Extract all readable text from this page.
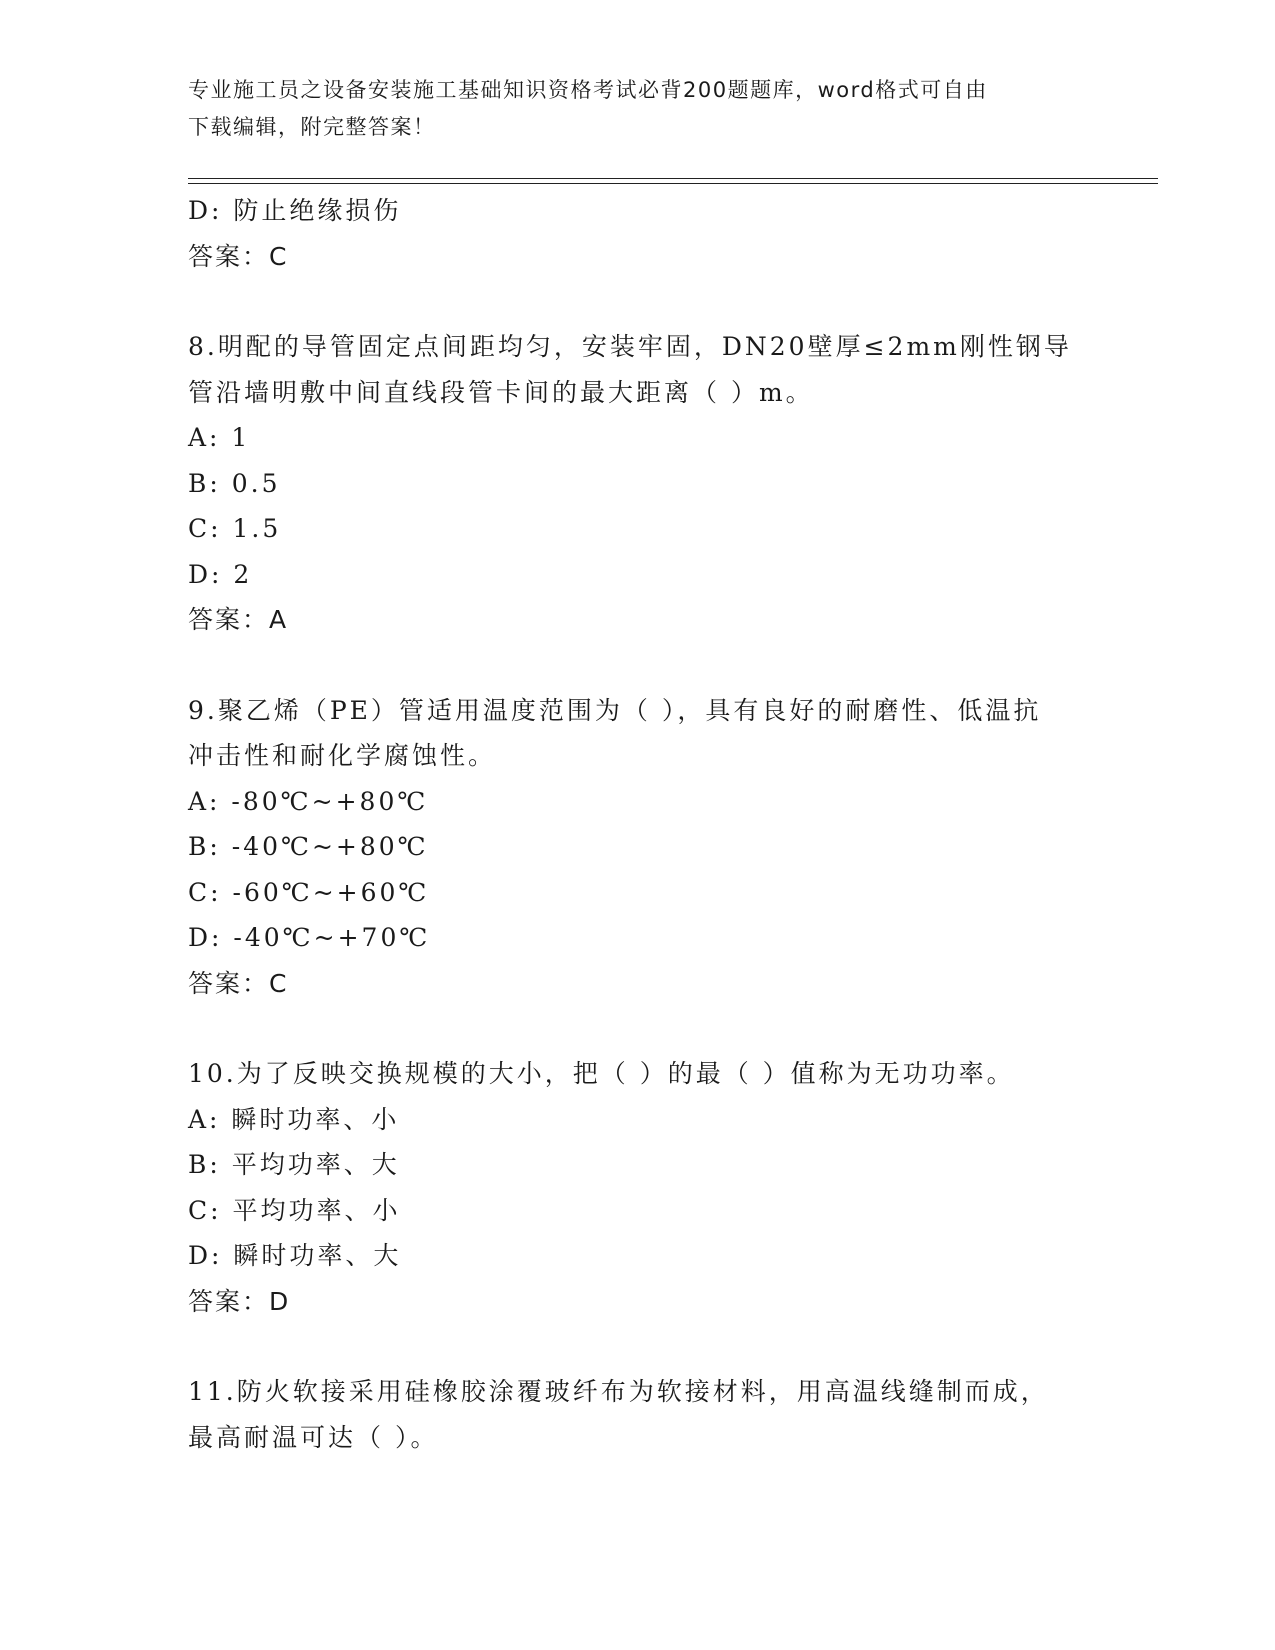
专业施工员之设备安装施工基础知识资格考试必背200题题库，word格式可自由
下载编辑，附完整答案！
D: 防止绝缘损伤
答案：C
8.明配的导管固定点间距均匀，安装牢固，DN20壁厚≤2mm刚性钢导
管沿墙明敷中间直线段管卡间的最大距离（ ）m。
A: 1
B: 0.5
C: 1.5
D: 2
答案：A
9.聚乙烯（PE）管适用温度范围为（ ），具有良好的耐磨性、低温抗
冲击性和耐化学腐蚀性。
A: -80℃~+80℃
B: -40℃~+80℃
C: -60℃~+60℃
D: -40℃~+70℃
答案：C
10.为了反映交换规模的大小，把（ ）的最（ ）值称为无功功率。
A: 瞬时功率、小
B: 平均功率、大
C: 平均功率、小
D: 瞬时功率、大
答案：D
11.防火软接采用硅橡胶涂覆玻纤布为软接材料，用高温线缝制而成，
最高耐温可达（ ）。
